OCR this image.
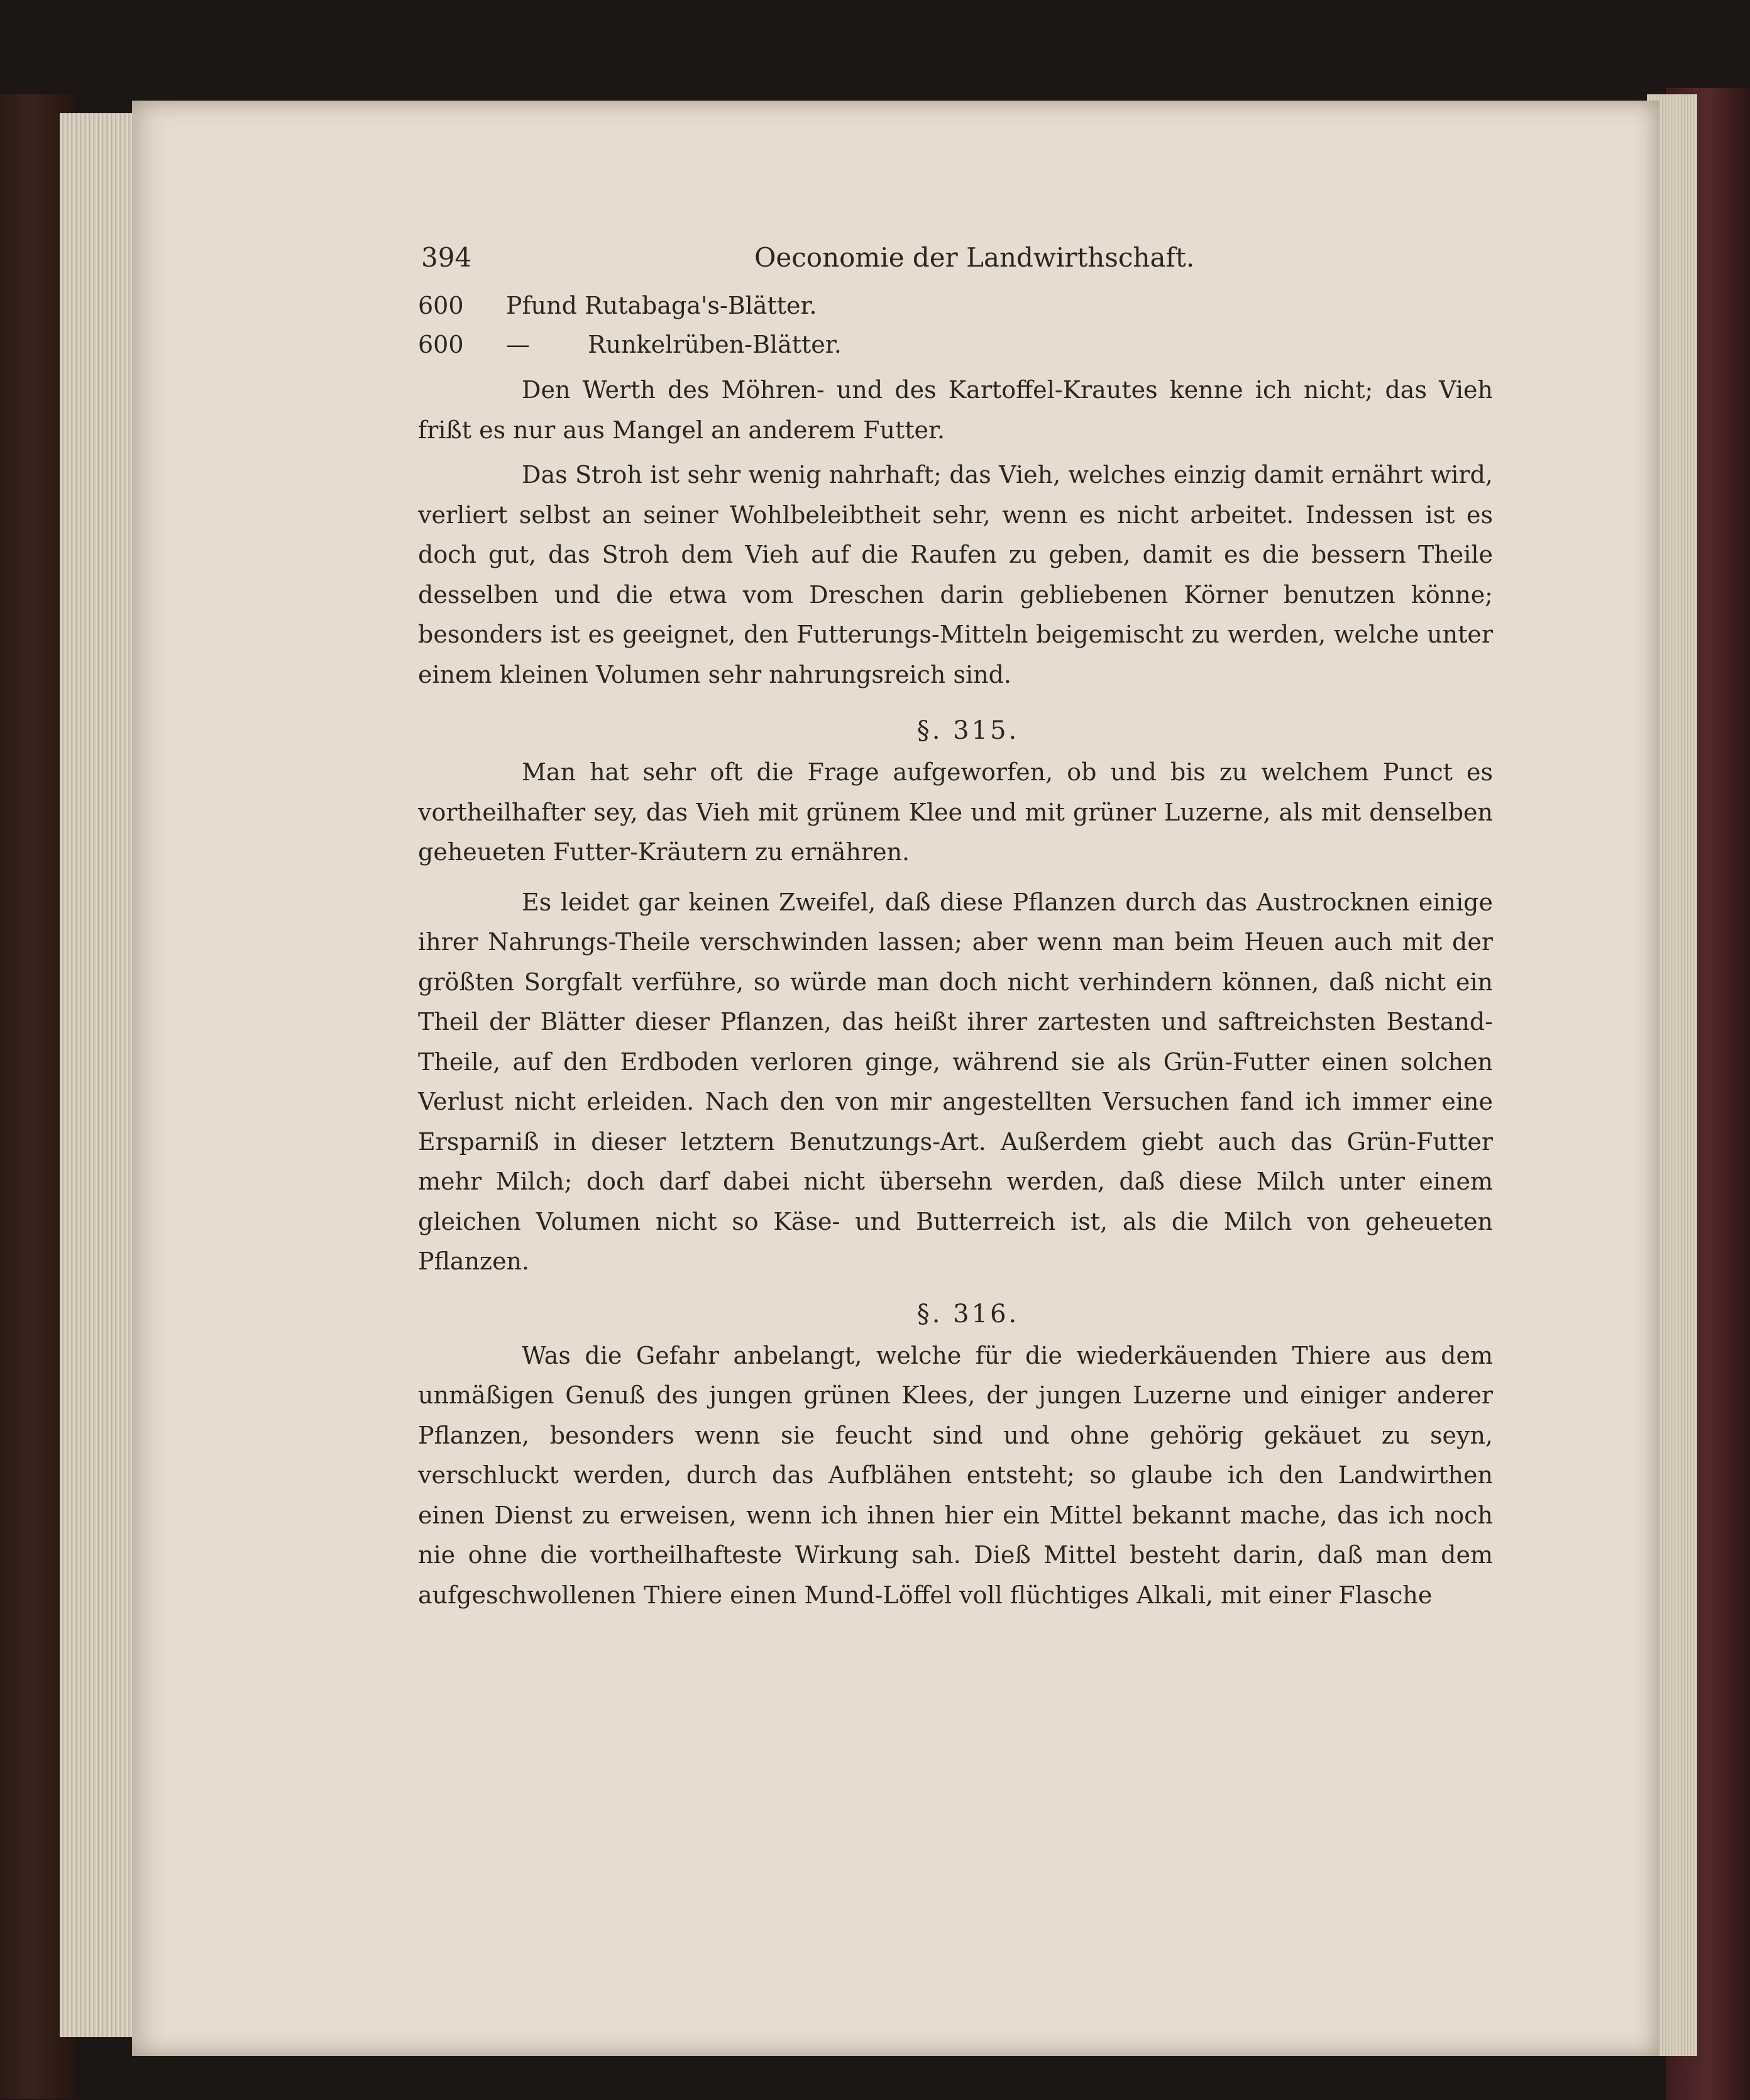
394	Oeconomie der Landwirthschaft.
600 Pfund Rutabaga's-Blätter.
600 — Runkelrüben-Blätter.

Den Werth des Möhren- und des Kartoffel-Krautes kenne ich nicht; das Vieh frißt es nur aus Mangel an anderem Futter.

Das Stroh ist sehr wenig nahrhaft; das Vieh, welches einzig damit ernährt wird, verliert selbst an seiner Wohlbeleibtheit sehr, wenn es nicht arbeitet. Indessen ist es doch gut, das Stroh dem Vieh auf die Raufen zu geben, damit es die bessern Theile desselben und die etwa vom Dreschen darin gebliebenen Körner benutzen könne; besonders ist es geeignet, den Futterungs-Mitteln beigemischt zu werden, welche unter einem kleinen Volumen sehr nahrungsreich sind.

§. 315.

Man hat sehr oft die Frage aufgeworfen, ob und bis zu welchem Punct es vortheilhafter sey, das Vieh mit grünem Klee und mit grüner Luzerne, als mit denselben geheueten Futter-Kräutern zu ernähren.

Es leidet gar keinen Zweifel, daß diese Pflanzen durch das Austrocknen einige ihrer Nahrungs-Theile verschwinden lassen; aber wenn man beim Heuen auch mit der größten Sorgfalt verführe, so würde man doch nicht verhindern können, daß nicht ein Theil der Blätter dieser Pflanzen, das heißt ihrer zartesten und saftreichsten Bestand-Theile, auf den Erdboden verloren ginge, während sie als Grün-Futter einen solchen Verlust nicht erleiden. Nach den von mir angestellten Versuchen fand ich immer eine Ersparniß in dieser letztern Benutzungs-Art. Außerdem giebt auch das Grün-Futter mehr Milch; doch darf dabei nicht übersehn werden, daß diese Milch unter einem gleichen Volumen nicht so Käse- und Butterreich ist, als die Milch von geheueten Pflanzen.

§. 316.

Was die Gefahr anbelangt, welche für die wiederkäuenden Thiere aus dem unmäßigen Genuß des jungen grünen Klees, der jungen Luzerne und einiger anderer Pflanzen, besonders wenn sie feucht sind und ohne gehörig gekäuet zu seyn, verschluckt werden, durch das Aufblähen entsteht; so glaube ich den Landwirthen einen Dienst zu erweisen, wenn ich ihnen hier ein Mittel bekannt mache, das ich noch nie ohne die vortheilhafteste Wirkung sah. Dieß Mittel besteht darin, daß man dem aufgeschwollenen Thiere einen Mund-Löffel voll flüchtiges Alkali, mit einer Flasche
